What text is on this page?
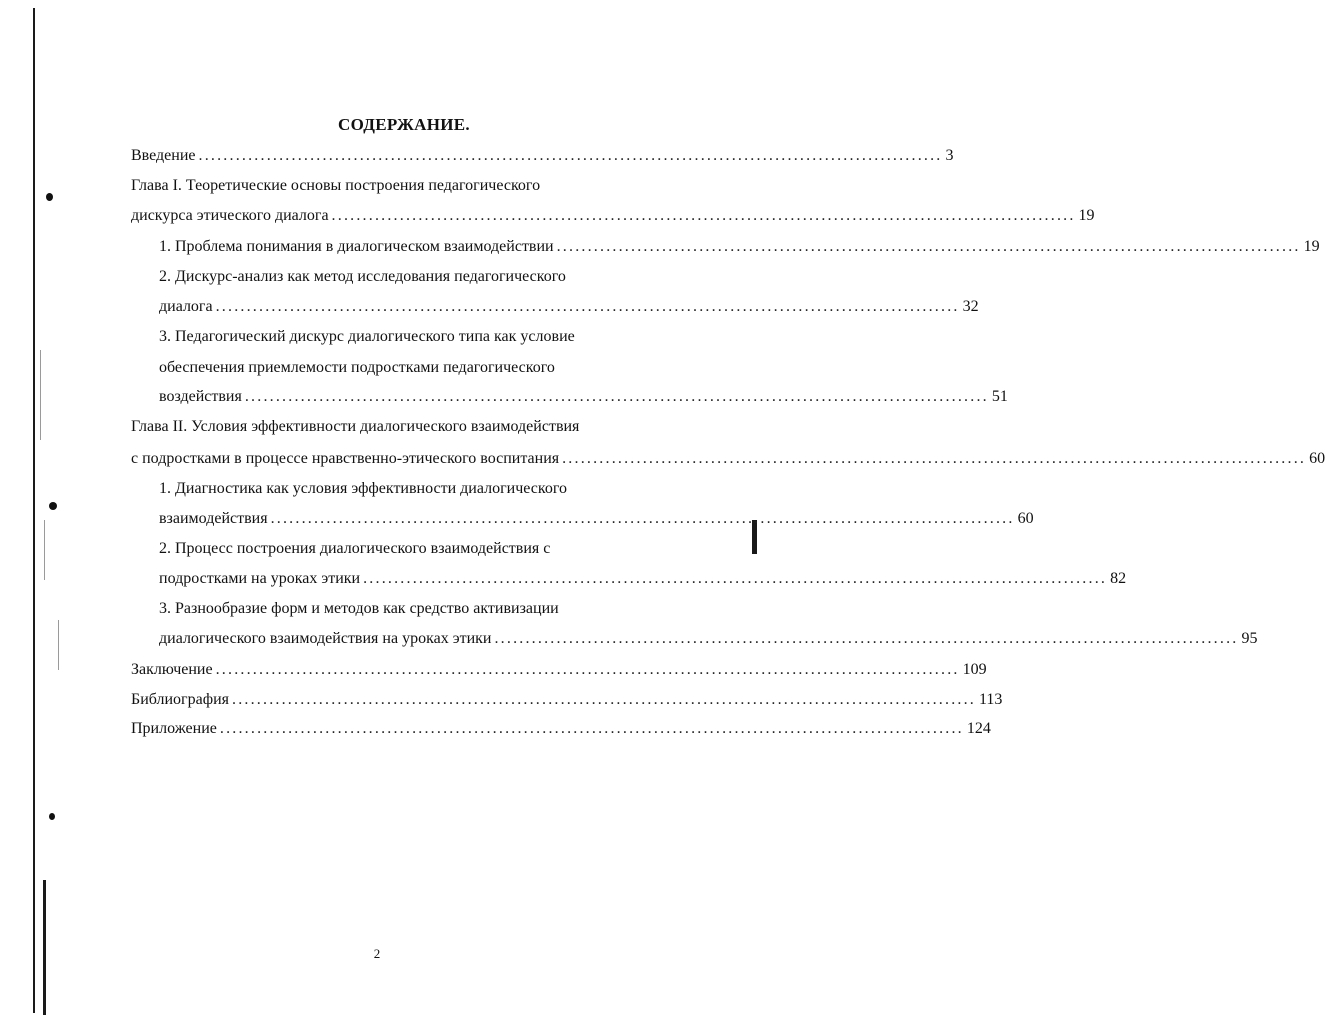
СОДЕРЖАНИЕ.
Введение ........................................................................................................................ 3
Глава I. Теоретические основы построения педагогического
дискурса этического диалога ........................................................................................................................ 19
1. Проблема понимания в диалогическом взаимодействии ........................................................................................................................ 19
2. Дискурс-анализ как метод исследования педагогического
диалога ........................................................................................................................ 32
3. Педагогический дискурс диалогического типа как условие
обеспечения приемлемости подростками педагогического
воздействия ........................................................................................................................ 51
Глава II. Условия эффективности диалогического взаимодействия
с подростками в процессе нравственно-этического воспитания ........................................................................................................................ 60
1. Диагностика как условия эффективности диалогического
взаимодействия ........................................................................................................................ 60
2. Процесс построения диалогического взаимодействия с
подростками на уроках этики ........................................................................................................................ 82
3. Разнообразие форм и методов как средство активизации
диалогического взаимодействия на уроках этики ........................................................................................................................ 95
Заключение ........................................................................................................................ 109
Библиография ........................................................................................................................ 113
Приложение ........................................................................................................................ 124
2
